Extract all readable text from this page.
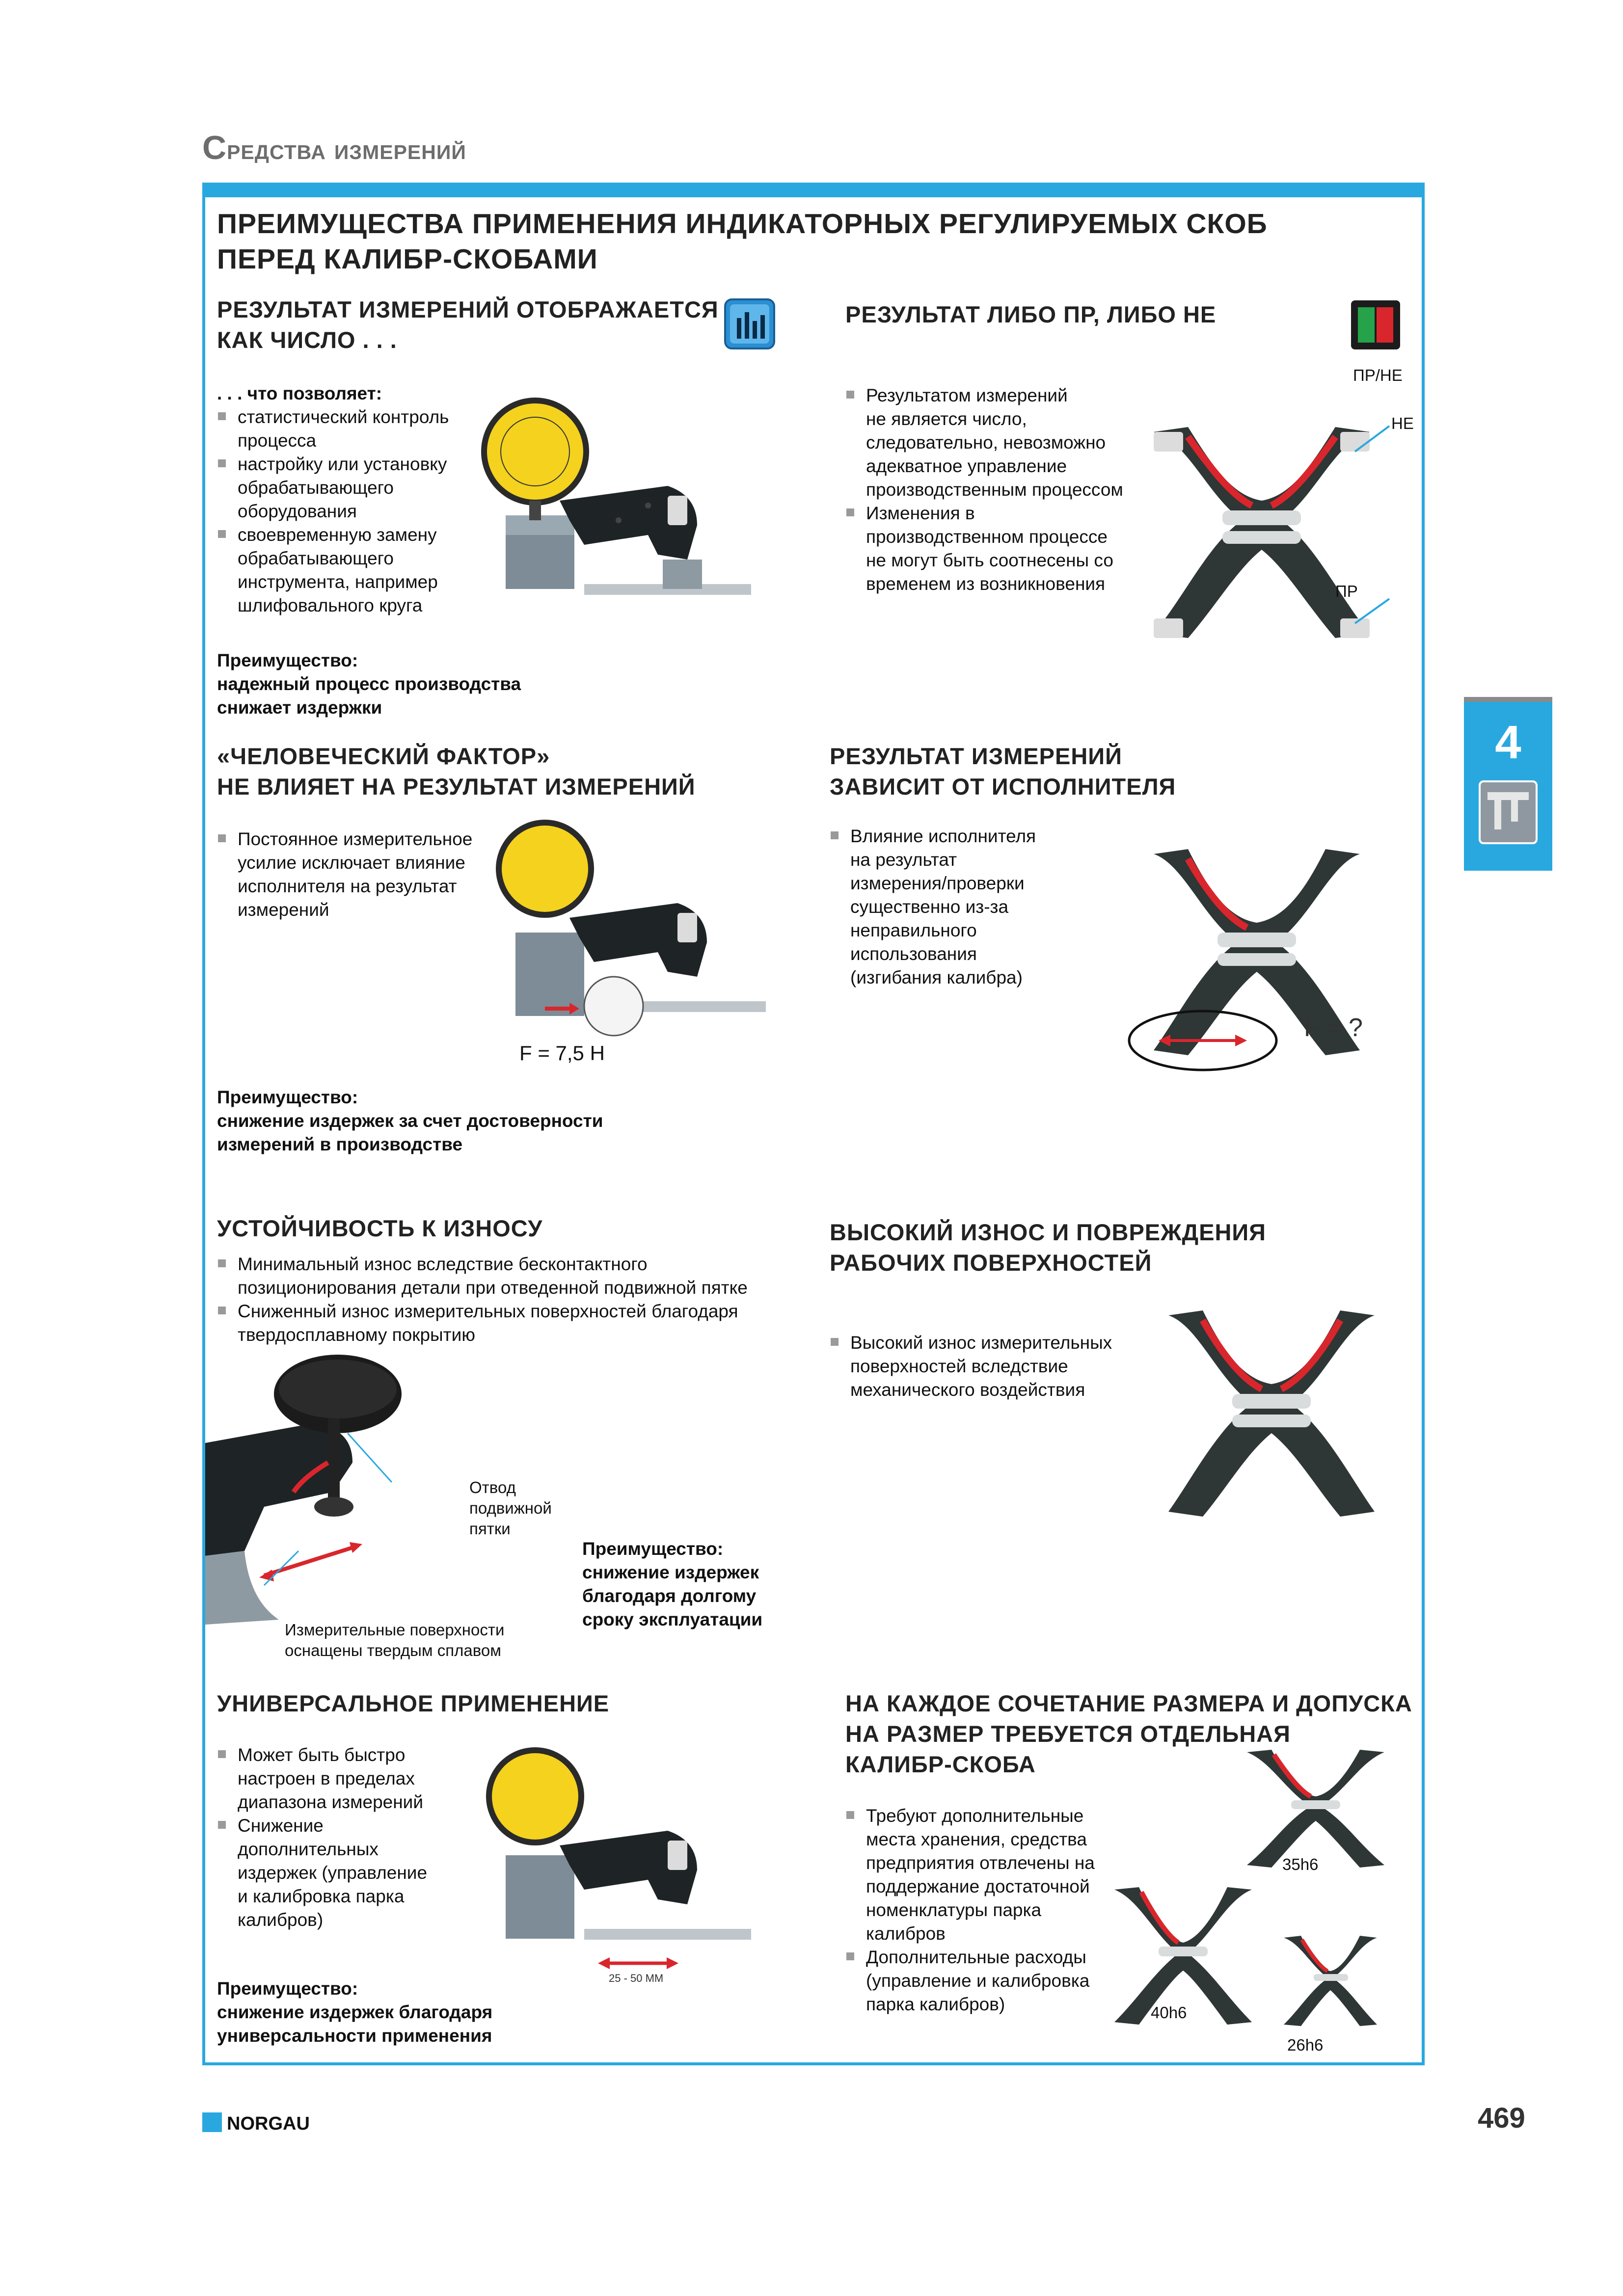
Средства измерений
ПРЕИМУЩЕСТВА ПРИМЕНЕНИЯ ИНДИКАТОРНЫХ РЕГУЛИРУЕМЫХ СКОБ
ПЕРЕД КАЛИБР-СКОБАМИ
РЕЗУЛЬТАТ ИЗМЕРЕНИЙ ОТОБРАЖАЕТСЯ
КАК ЧИСЛО . . .
. . . что позволяет:
статистический контроль
процесса
настройку или установку
обрабатывающего
оборудования
своевременную замену
обрабатывающего
инструмента, например
шлифовального круга
Преимущество:
надежный процесс производства
снижает издержки
РЕЗУЛЬТАТ ЛИБО ПР, ЛИБО НЕ
ПР/НЕ
Результатом измерений
не является число,
следовательно, невозможно
адекватное управление
производственным процессом
Изменения в
производственном процессе
не могут быть соотнесены со
временем из возникновения
НЕ
ПР
«ЧЕЛОВЕЧЕСКИЙ ФАКТОР»
НЕ ВЛИЯЕТ НА РЕЗУЛЬТАТ ИЗМЕРЕНИЙ
Постоянное измерительное
усилие исключает влияние
исполнителя на результат
измерений
F = 7,5 Н
Преимущество:
снижение издержек за счет достоверности
измерений в производстве
РЕЗУЛЬТАТ ИЗМЕРЕНИЙ
ЗАВИСИТ ОТ ИСПОЛНИТЕЛЯ
Влияние исполнителя
на результат
измерения/проверки
существенно из-за
неправильного
использования
(изгибания калибра)
F = ?
УСТОЙЧИВОСТЬ К ИЗНОСУ
Минимальный износ вследствие бесконтактного
позиционирования детали при отведенной подвижной пятке
Сниженный износ измерительных поверхностей благодаря
твердосплавному покрытию
Отвод
подвижной
пятки
Измерительные поверхности
оснащены твердым сплавом
Преимущество:
снижение издержек
благодаря долгому
сроку эксплуатации
ВЫСОКИЙ ИЗНОС И ПОВРЕЖДЕНИЯ
РАБОЧИХ ПОВЕРХНОСТЕЙ
Высокий износ измерительных
поверхностей вследствие
механического воздействия
УНИВЕРСАЛЬНОЕ ПРИМЕНЕНИЕ
Может быть быстро
настроен в пределах
диапазона измерений
Снижение
дополнительных
издержек (управление
и калибровка парка
калибров)
25 - 50 ММ
Преимущество:
снижение издержек благодаря
универсальности применения
НА КАЖДОЕ СОЧЕТАНИЕ РАЗМЕРА И ДОПУСКА
НА РАЗМЕР ТРЕБУЕТСЯ ОТДЕЛЬНАЯ
КАЛИБР-СКОБА
Требуют дополнительные
места хранения, средства
предприятия отвлечены на
поддержание достаточной
номенклатуры парка
калибров
Дополнительные расходы
(управление и калибровка
парка калибров)
35h6
40h6
26h6
4
NORGAU	469
